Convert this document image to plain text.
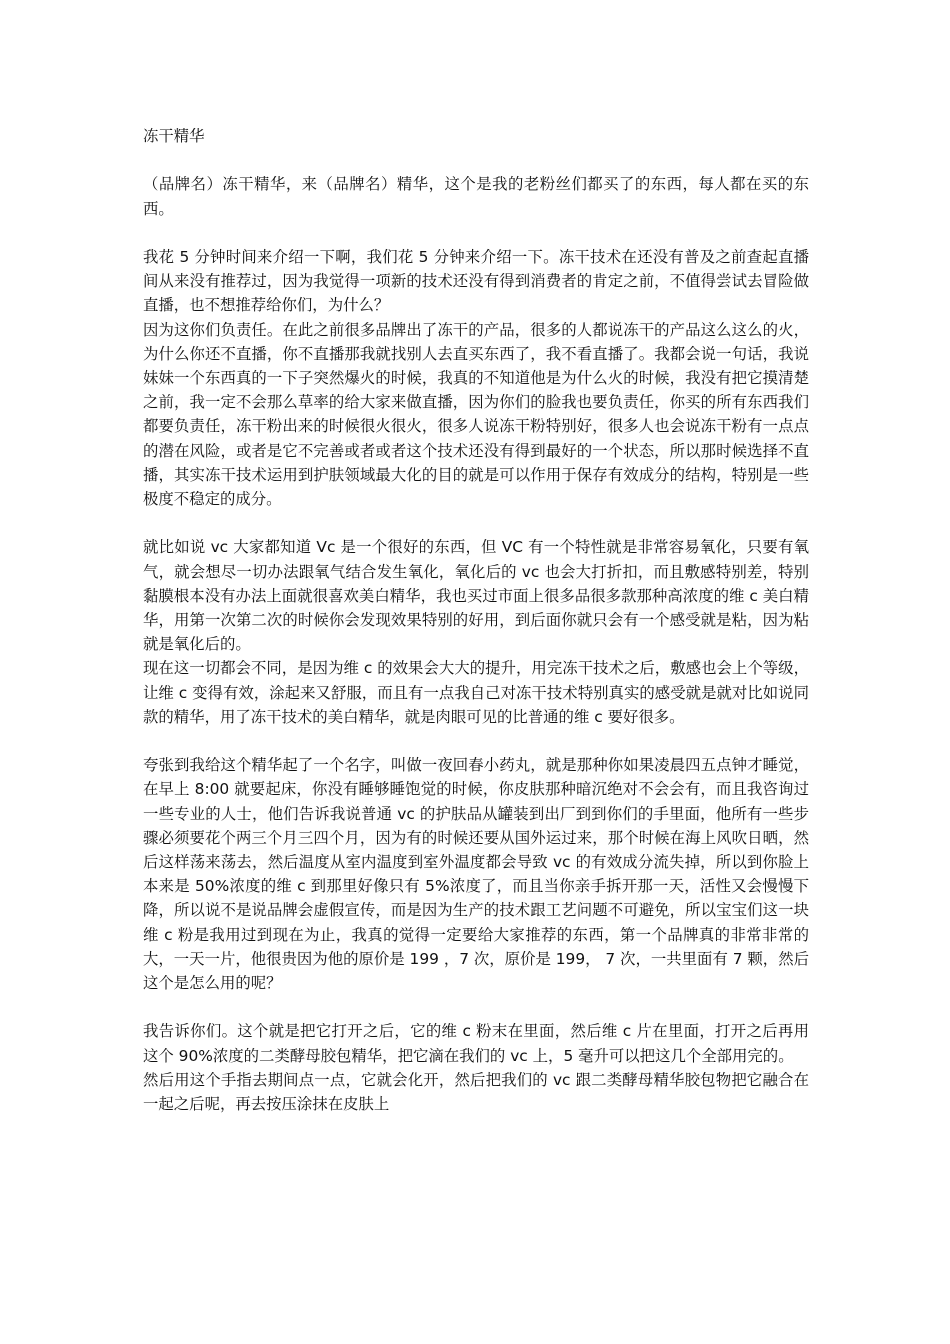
冻干精华

（品牌名）冻干精华，来（品牌名）精华，这个是我的老粉丝们都买了的东西，每人都在买的东西。

我花 5 分钟时间来介绍一下啊，我们花 5 分钟来介绍一下。冻干技术在还没有普及之前查起直播间从来没有推荐过，因为我觉得一项新的技术还没有得到消费者的肯定之前，不值得尝试去冒险做直播，也不想推荐给你们，为什么？

因为这你们负责任。在此之前很多品牌出了冻干的产品，很多的人都说冻干的产品这么这么的火，为什么你还不直播，你不直播那我就找别人去直买东西了，我不看直播了。我都会说一句话，我说妹妹一个东西真的一下子突然爆火的时候，我真的不知道他是为什么火的时候，我没有把它摸清楚之前，我一定不会那么草率的给大家来做直播，因为你们的脸我也要负责任，你买的所有东西我们都要负责任，冻干粉出来的时候很火很火，很多人说冻干粉特别好，很多人也会说冻干粉有一点点的潜在风险，或者是它不完善或者或者这个技术还没有得到最好的一个状态，所以那时候选择不直播，其实冻干技术运用到护肤领域最大化的目的就是可以作用于保存有效成分的结构，特别是一些极度不稳定的成分。

就比如说 vc 大家都知道 Vc 是一个很好的东西，但 VC 有一个特性就是非常容易氧化，只要有氧气，就会想尽一切办法跟氧气结合发生氧化，氧化后的 vc 也会大打折扣，而且敷感特别差，特别黏膜根本没有办法上面就很喜欢美白精华，我也买过市面上很多品很多款那种高浓度的维 c 美白精华，用第一次第二次的时候你会发现效果特别的好用，到后面你就只会有一个感受就是粘，因为粘就是氧化后的。

现在这一切都会不同，是因为维 c 的效果会大大的提升，用完冻干技术之后，敷感也会上个等级，让维 c 变得有效，涂起来又舒服，而且有一点我自己对冻干技术特别真实的感受就是就对比如说同款的精华，用了冻干技术的美白精华，就是肉眼可见的比普通的维 c 要好很多。

夸张到我给这个精华起了一个名字，叫做一夜回春小药丸，就是那种你如果凌晨四五点钟才睡觉，在早上 8:00 就要起床，你没有睡够睡饱觉的时候，你皮肤那种暗沉绝对不会会有，而且我咨询过一些专业的人士，他们告诉我说普通 vc 的护肤品从罐装到出厂到到你们的手里面，他所有一些步骤必须要花个两三个月三四个月，因为有的时候还要从国外运过来，那个时候在海上风吹日晒，然后这样荡来荡去，然后温度从室内温度到室外温度都会导致 vc 的有效成分流失掉，所以到你脸上本来是 50%浓度的维 c 到那里好像只有 5%浓度了，而且当你亲手拆开那一天，活性又会慢慢下降，所以说不是说品牌会虚假宣传，而是因为生产的技术跟工艺问题不可避免，所以宝宝们这一块维 c 粉是我用过到现在为止，我真的觉得一定要给大家推荐的东西，第一个品牌真的非常非常的大，一天一片，他很贵因为他的原价是 199 ，7 次，原价是 199， 7 次，一共里面有 7 颗，然后这个是怎么用的呢？

我告诉你们。这个就是把它打开之后，它的维 c 粉末在里面，然后维 c 片在里面，打开之后再用这个 90%浓度的二类酵母胶包精华，把它滴在我们的 vc 上，5 毫升可以把这几个全部用完的。

然后用这个手指去期间点一点，它就会化开，然后把我们的 vc 跟二类酵母精华胶包物把它融合在一起之后呢，再去按压涂抹在皮肤上
